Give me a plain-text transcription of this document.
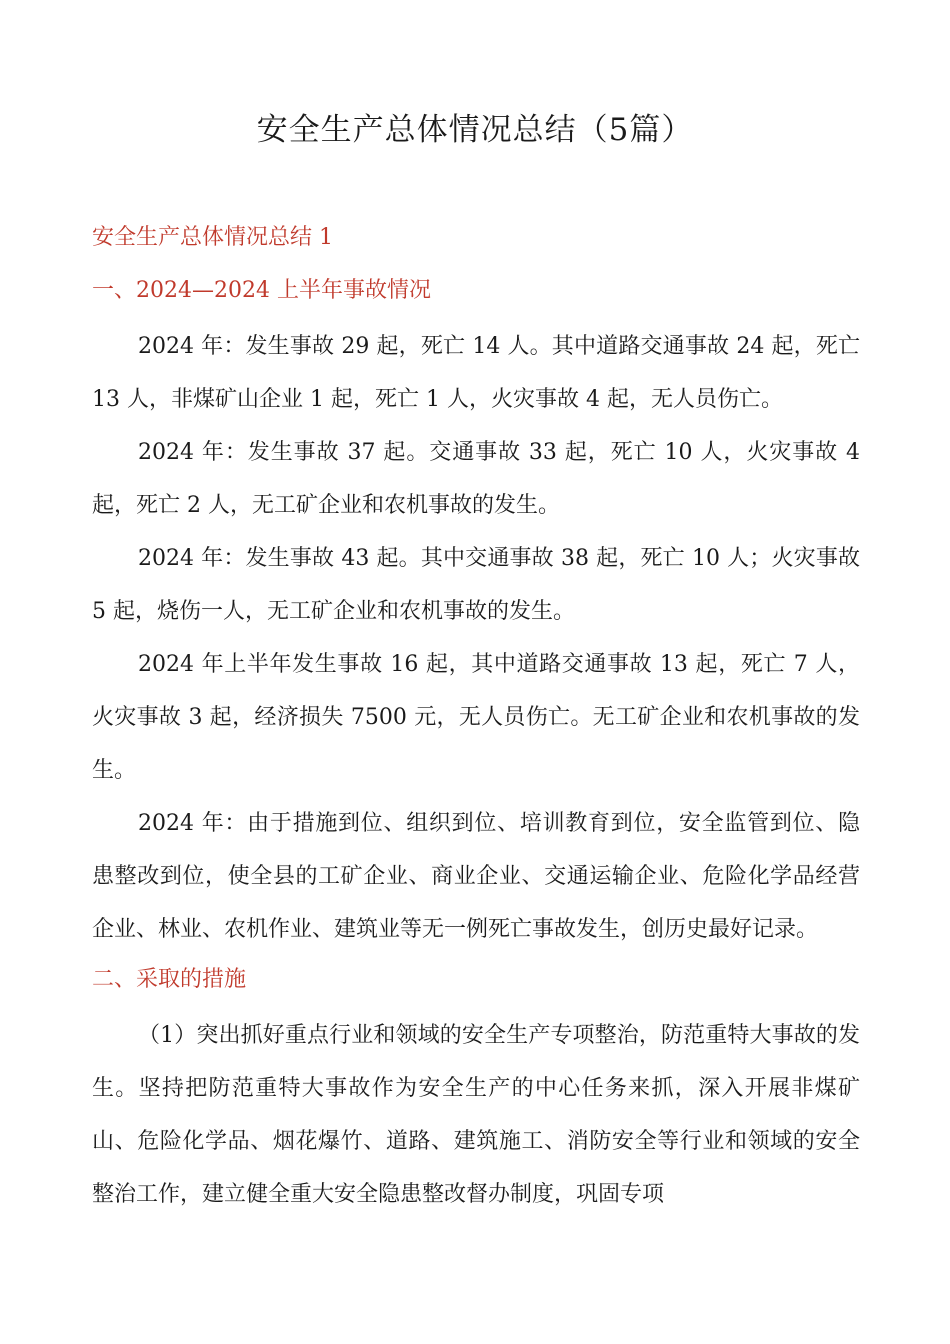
安全生产总体情况总结（5篇）
安全生产总体情况总结 1
一、2024—2024 上半年事故情况

2024 年：发生事故 29 起，死亡 14 人。其中道路交通事故 24 起，死亡 13 人，非煤矿山企业 1 起，死亡 1 人，火灾事故 4 起，无人员伤亡。

2024 年：发生事故 37 起。交通事故 33 起，死亡 10 人，火灾事故 4 起，死亡 2 人，无工矿企业和农机事故的发生。

2024 年：发生事故 43 起。其中交通事故 38 起，死亡 10 人；火灾事故 5 起，烧伤一人，无工矿企业和农机事故的发生。

2024 年上半年发生事故 16 起，其中道路交通事故 13 起，死亡 7 人，火灾事故 3 起，经济损失 7500 元，无人员伤亡。无工矿企业和农机事故的发生。

2024 年：由于措施到位、组织到位、培训教育到位，安全监管到位、隐患整改到位，使全县的工矿企业、商业企业、交通运输企业、危险化学品经营企业、林业、农机作业、建筑业等无一例死亡事故发生，创历史最好记录。

二、采取的措施

（1）突出抓好重点行业和领域的安全生产专项整治，防范重特大事故的发生。坚持把防范重特大事故作为安全生产的中心任务来抓，深入开展非煤矿山、危险化学品、烟花爆竹、道路、建筑施工、消防安全等行业和领域的安全整治工作，建立健全重大安全隐患整改督办制度，巩固专项
